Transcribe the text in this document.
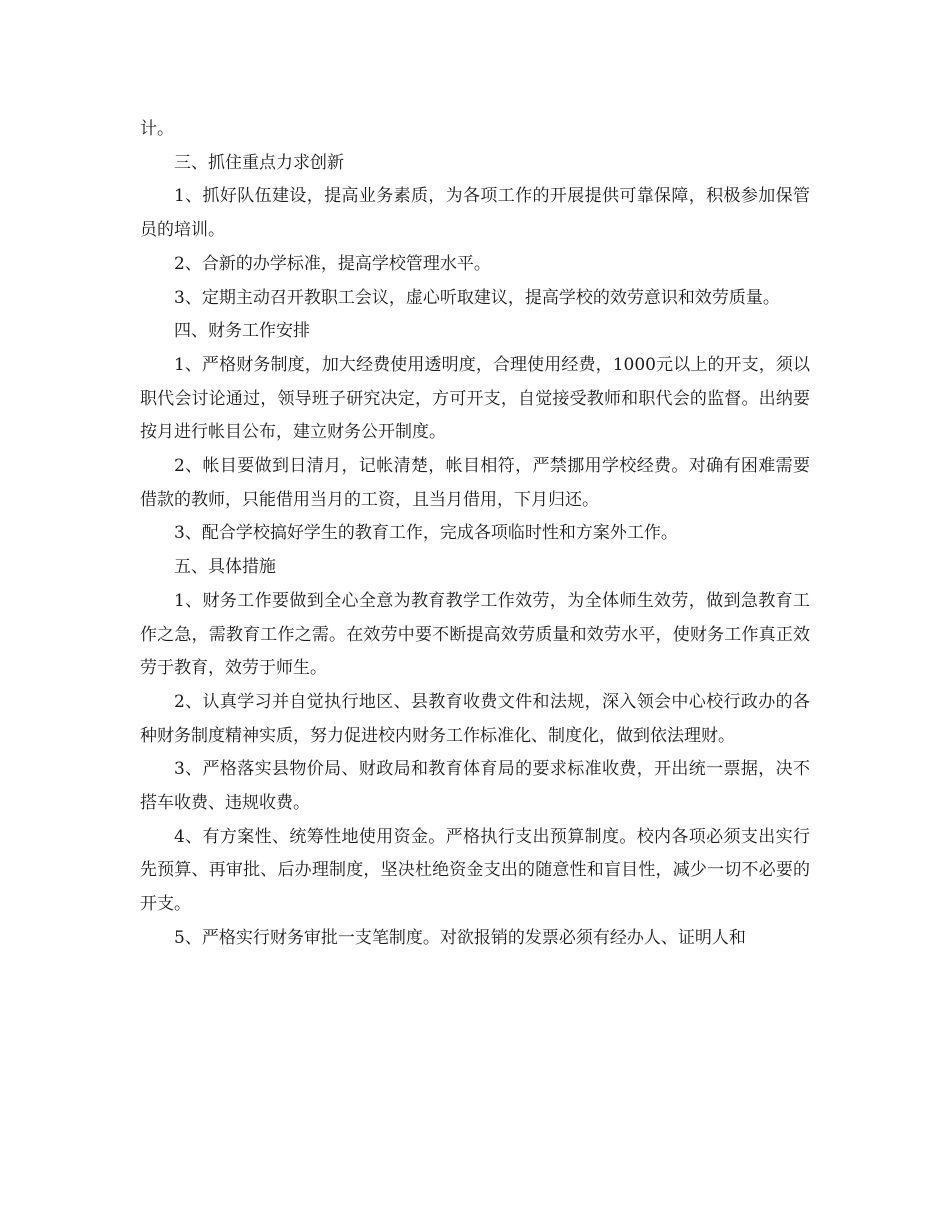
计。

三、抓住重点力求创新

1、抓好队伍建设，提高业务素质，为各项工作的开展提供可靠保障，积极参加保管员的培训。

2、合新的办学标准，提高学校管理水平。

3、定期主动召开教职工会议，虚心听取建议，提高学校的效劳意识和效劳质量。

四、财务工作安排

1、严格财务制度，加大经费使用透明度，合理使用经费，1000元以上的开支，须以职代会讨论通过，领导班子研究决定，方可开支，自觉接受教师和职代会的监督。出纳要按月进行帐目公布，建立财务公开制度。

2、帐目要做到日清月，记帐清楚，帐目相符，严禁挪用学校经费。对确有困难需要借款的教师，只能借用当月的工资，且当月借用，下月归还。

3、配合学校搞好学生的教育工作，完成各项临时性和方案外工作。

五、具体措施

1、财务工作要做到全心全意为教育教学工作效劳，为全体师生效劳，做到急教育工作之急，需教育工作之需。在效劳中要不断提高效劳质量和效劳水平，使财务工作真正效劳于教育，效劳于师生。

2、认真学习并自觉执行地区、县教育收费文件和法规，深入领会中心校行政办的各种财务制度精神实质，努力促进校内财务工作标准化、制度化，做到依法理财。

3、严格落实县物价局、财政局和教育体育局的要求标准收费，开出统一票据，决不搭车收费、违规收费。

4、有方案性、统筹性地使用资金。严格执行支出预算制度。校内各项必须支出实行先预算、再审批、后办理制度，坚决杜绝资金支出的随意性和盲目性，减少一切不必要的开支。

5、严格实行财务审批一支笔制度。对欲报销的发票必须有经办人、证明人和
